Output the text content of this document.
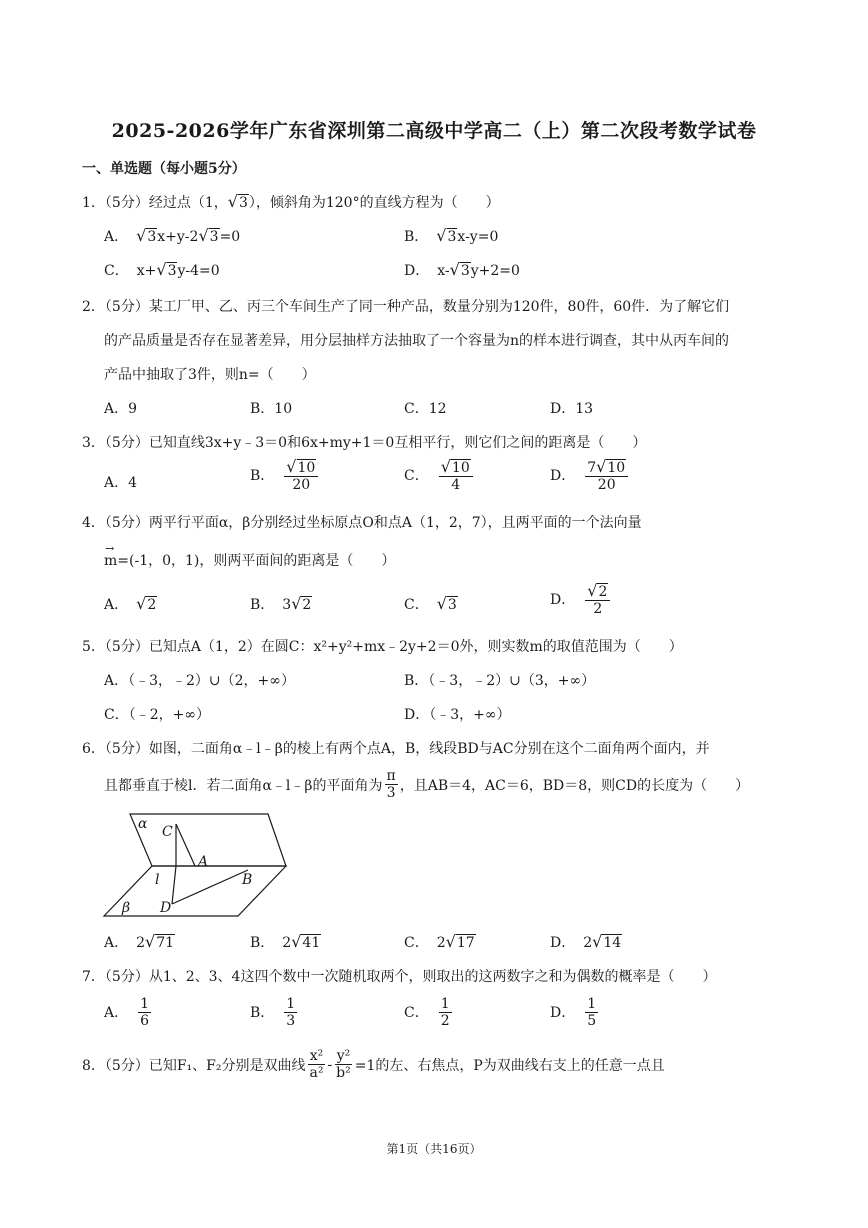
2025-2026学年广东省深圳第二高级中学高二（上）第二次段考数学试卷
一、单选题（每小题5分）
1．（5分）经过点（1，√3），倾斜角为120°的直线方程为（　　）
A． √3x+y-2√3=0	B． √3x-y=0
C． x+√3y-4=0	D． x-√3y+2=0
2．（5分）某工厂甲、乙、丙三个车间生产了同一种产品，数量分别为120件，80件，60件．为了解它们
的产品质量是否存在显著差异，用分层抽样方法抽取了一个容量为n的样本进行调查，其中从丙车间的
产品中抽取了3件，则n=（　　）
A．9	B．10	C．12	D．13
3．（5分）已知直线3x+y﹣3＝0和6x+my+1＝0互相平行，则它们之间的距离是（　　）
A．4	B． $\frac{√10}{20}$	C． $\frac{√10}{4}$	D． $\frac{7√10}{20}$
4．（5分）两平行平面α，β分别经过坐标原点O和点A（1，2，7），且两平面的一个法向量
→ m=(-1，0，1)，则两平面间的距离是（　　）
A． √2	B． 3√2	C． √3	D． $\frac{√2}{2}$
5．（5分）已知点A（1，2）在圆C：x²+y²+mx﹣2y+2＝0外，则实数m的取值范围为（　　）
A．（﹣3，﹣2）∪（2，+∞）	B．（﹣3，﹣2）∪（3，+∞）
C．（﹣2，+∞）	D．（﹣3，+∞）
6．（5分）如图，二面角α﹣l﹣β的棱上有两个点A，B，线段BD与AC分别在这个二面角两个面内，并
且都垂直于棱l．若二面角α﹣l﹣β的平面角为 $\frac{\pi}{3}$ ，且AB＝4，AC＝6，BD＝8，则CD的长度为（　　）
α C
A
l	B
β D
A． 2√71	B． 2√41	C． 2√17	D． 2√14
7．（5分）从1、2、3、4这四个数中一次随机取两个，则取出的这两数字之和为偶数的概率是（　　）
A． $\frac{1}{6}$	B． $\frac{1}{3}$	C． $\frac{1}{2}$	D． $\frac{1}{5}$
8．（5分）已知F₁、F₂分别是双曲线 $\frac{\text{x²}}{\text{a²}} - \frac{\text{y²}}{\text{b²}} =1$的左、右焦点，P为双曲线右支上的任意一点且
第1页（共16页）
